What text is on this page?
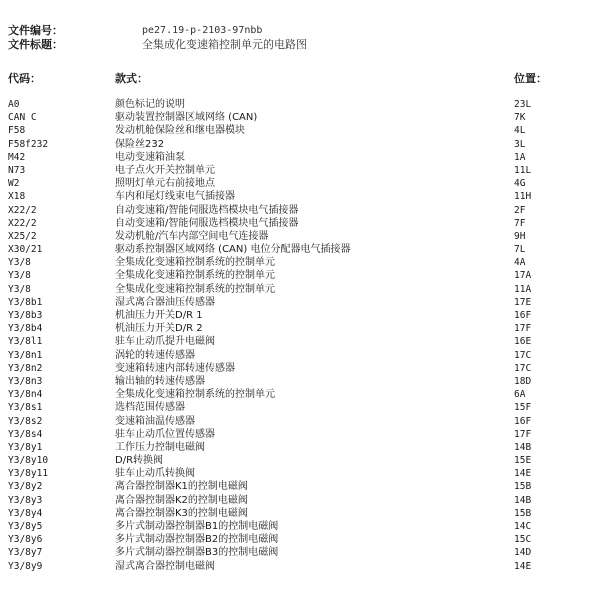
文件编号：	pe27.19-p-2103-97nbb
文件标题：	全集成化变速箱控制单元的电路图
代码：	款式：	位置：
A0	颜色标记的说明	23L
CAN C	驱动装置控制器区域网络 (CAN)	7K
F58	发动机舱保险丝和继电器模块	4L
F58f232	保险丝232	3L
M42	电动变速箱油泵	1A
N73	电子点火开关控制单元	11L
W2	照明灯单元右前接地点	4G
X18	车内和尾灯线束电气插接器	11H
X22/2	自动变速箱/智能伺服选档模块电气插接器	2F
X22/2	自动变速箱/智能伺服选档模块电气插接器	7F
X25/2	发动机舱/汽车内部空间电气连接器	9H
X30/21	驱动系控制器区域网络 (CAN) 电位分配器电气插接器	7L
Y3/8	全集成化变速箱控制系统的控制单元	4A
Y3/8	全集成化变速箱控制系统的控制单元	17A
Y3/8	全集成化变速箱控制系统的控制单元	11A
Y3/8b1	湿式离合器油压传感器	17E
Y3/8b3	机油压力开关D/R 1	16F
Y3/8b4	机油压力开关D/R 2	17F
Y3/8l1	驻车止动爪提升电磁阀	16E
Y3/8n1	涡轮的转速传感器	17C
Y3/8n2	变速箱转速内部转速传感器	17C
Y3/8n3	输出轴的转速传感器	18D
Y3/8n4	全集成化变速箱控制系统的控制单元	6A
Y3/8s1	选档范围传感器	15F
Y3/8s2	变速箱油温传感器	16F
Y3/8s4	驻车止动爪位置传感器	17F
Y3/8y1	工作压力控制电磁阀	14B
Y3/8y10	D/R转换阀	15E
Y3/8y11	驻车止动爪转换阀	14E
Y3/8y2	离合器控制器K1的控制电磁阀	15B
Y3/8y3	离合器控制器K2的控制电磁阀	14B
Y3/8y4	离合器控制器K3的控制电磁阀	15B
Y3/8y5	多片式制动器控制器B1的控制电磁阀	14C
Y3/8y6	多片式制动器控制器B2的控制电磁阀	15C
Y3/8y7	多片式制动器控制器B3的控制电磁阀	14D
Y3/8y9	湿式离合器控制电磁阀	14E
